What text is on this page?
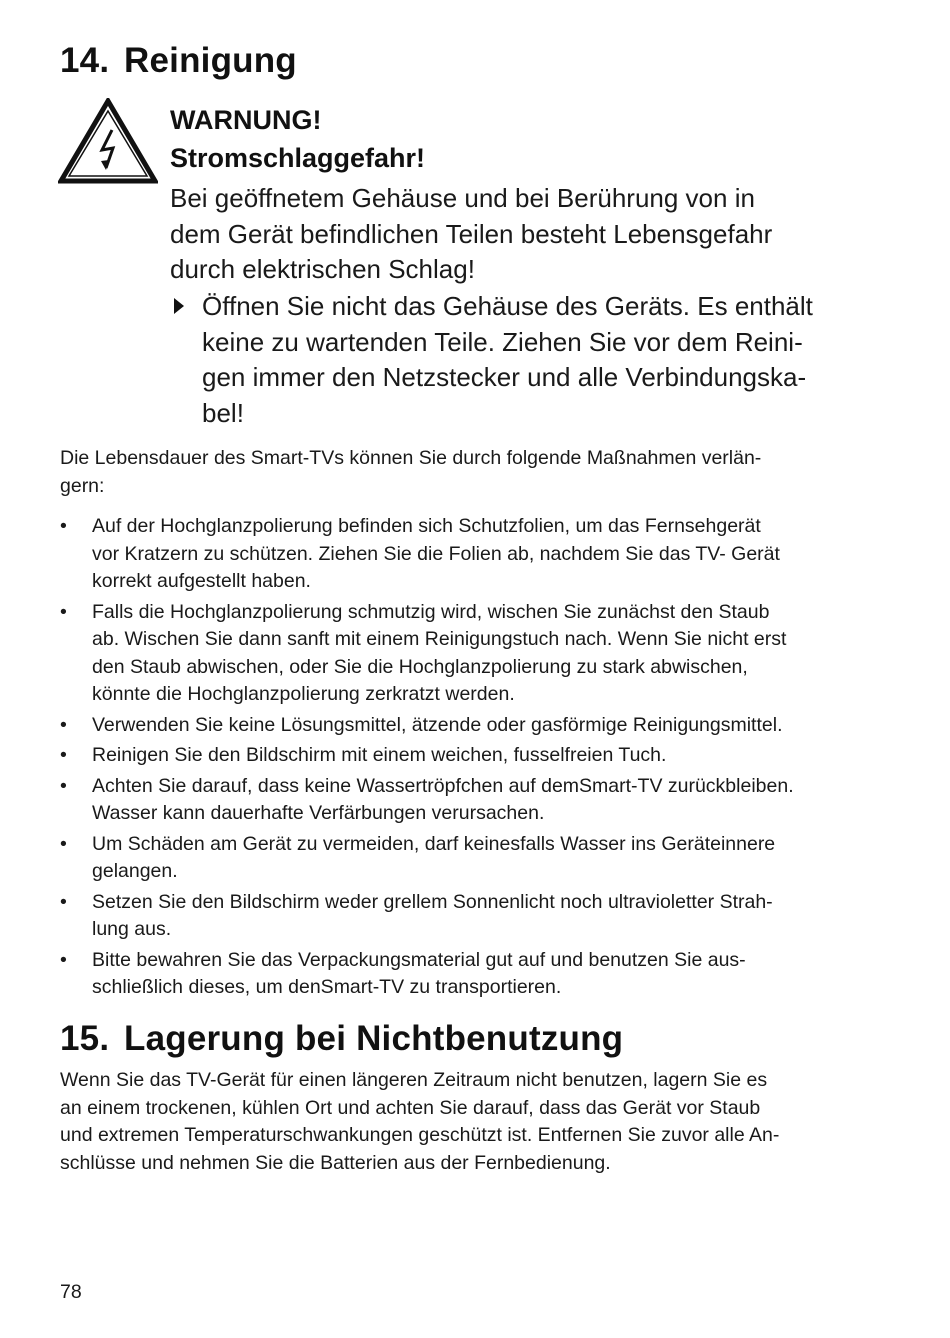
14. Reinigung
WARNUNG!
Stromschlaggefahr!
Bei geöffnetem Gehäuse und bei Berührung von in
dem Gerät befindlichen Teilen besteht Lebensgefahr
durch elektrischen Schlag!
Öffnen Sie nicht das Gehäuse des Geräts. Es enthält
keine zu wartenden Teile. Ziehen Sie vor dem Reini-
gen immer den Netzstecker und alle Verbindungska-
bel!
Die Lebensdauer des Smart-TVs können Sie durch folgende Maßnahmen verlän-
gern:
• Auf der Hochglanzpolierung befinden sich Schutzfolien, um das Fernsehgerät
vor Kratzern zu schützen. Ziehen Sie die Folien ab, nachdem Sie das TV- Gerät
korrekt aufgestellt haben.
• Falls die Hochglanzpolierung schmutzig wird, wischen Sie zunächst den Staub
ab. Wischen Sie dann sanft mit einem Reinigungstuch nach. Wenn Sie nicht erst
den Staub abwischen, oder Sie die Hochglanzpolierung zu stark abwischen,
könnte die Hochglanzpolierung zerkratzt werden.
• Verwenden Sie keine Lösungsmittel, ätzende oder gasförmige Reinigungsmittel.
• Reinigen Sie den Bildschirm mit einem weichen, fusselfreien Tuch.
• Achten Sie darauf, dass keine Wassertröpfchen auf demSmart-TV zurückbleiben.
Wasser kann dauerhafte Verfärbungen verursachen.
• Um Schäden am Gerät zu vermeiden, darf keinesfalls Wasser ins Geräteinnere
gelangen.
• Setzen Sie den Bildschirm weder grellem Sonnenlicht noch ultravioletter Strah-
lung aus.
• Bitte bewahren Sie das Verpackungsmaterial gut auf und benutzen Sie aus-
schließlich dieses, um denSmart-TV zu transportieren.
15. Lagerung bei Nichtbenutzung
Wenn Sie das TV-Gerät für einen längeren Zeitraum nicht benutzen, lagern Sie es
an einem trockenen, kühlen Ort und achten Sie darauf, dass das Gerät vor Staub
und extremen Temperaturschwankungen geschützt ist. Entfernen Sie zuvor alle An-
schlüsse und nehmen Sie die Batterien aus der Fernbedienung.
78
